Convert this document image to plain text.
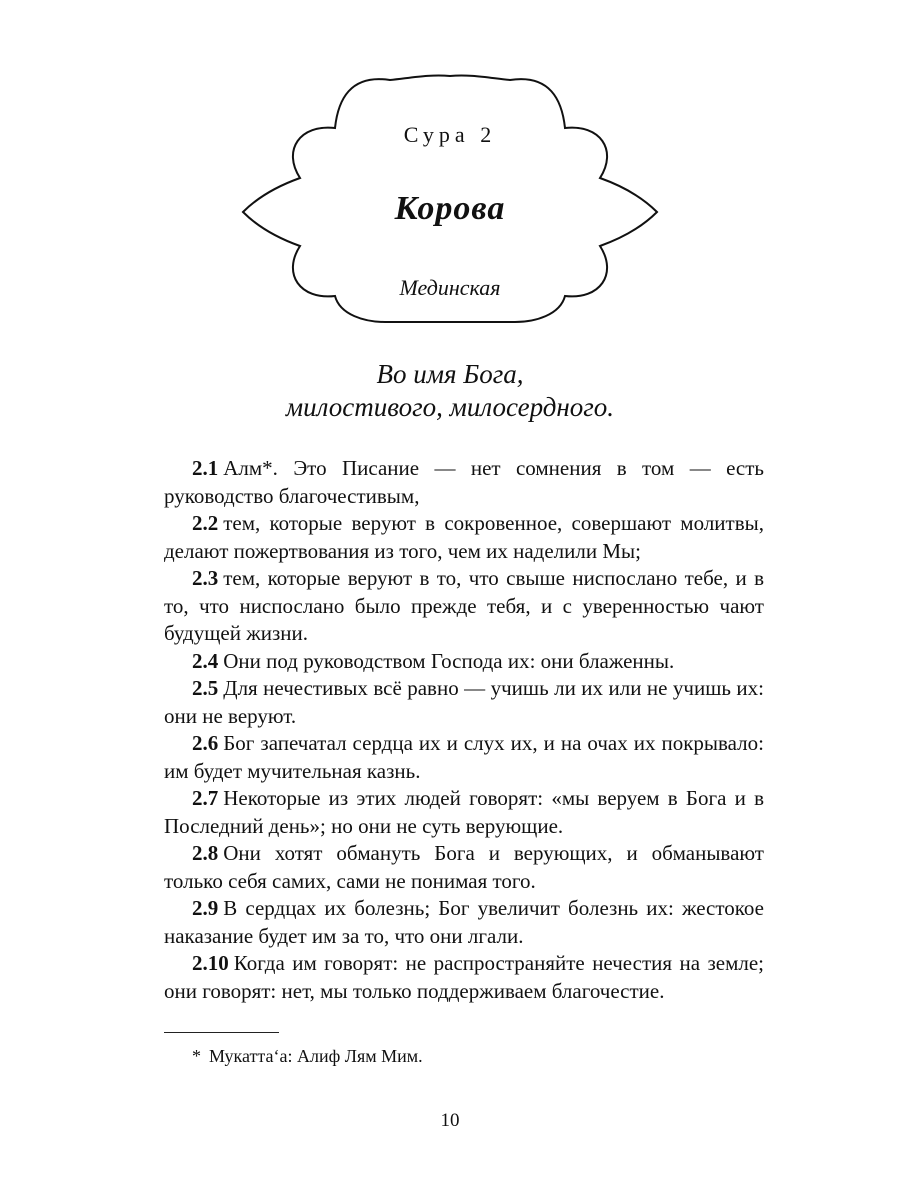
Сура 2
Корова
Мединская
Во имя Бога,
милостивого, милосердного.

2.1 Алм*. Это Писание — нет сомнения в том — есть руководство благочестивым,

2.2 тем, которые веруют в сокровенное, совершают молитвы, делают пожертвования из того, чем их наделили Мы;

2.3 тем, которые веруют в то, что свыше ниспослано тебе, и в то, что ниспослано было прежде тебя, и с уверенностью чают будущей жизни.

2.4 Они под руководством Господа их: они блаженны.

2.5 Для нечестивых всё равно — учишь ли их или не учишь их: они не веруют.

2.6 Бог запечатал сердца их и слух их, и на очах их покрывало: им будет мучительная казнь.

2.7 Некоторые из этих людей говорят: «мы веруем в Бога и в Последний день»; но они не суть верующие.

2.8 Они хотят обмануть Бога и верующих, и обманывают только себя самих, сами не понимая того.

2.9 В сердцах их болезнь; Бог увеличит болезнь их: жестокое наказание будет им за то, что они лгали.

2.10 Когда им говорят: не распространяйте нечестия на земле; они говорят: нет, мы только поддерживаем благочестие.

* Мукатта‘а: Алиф Лям Мим.
10
